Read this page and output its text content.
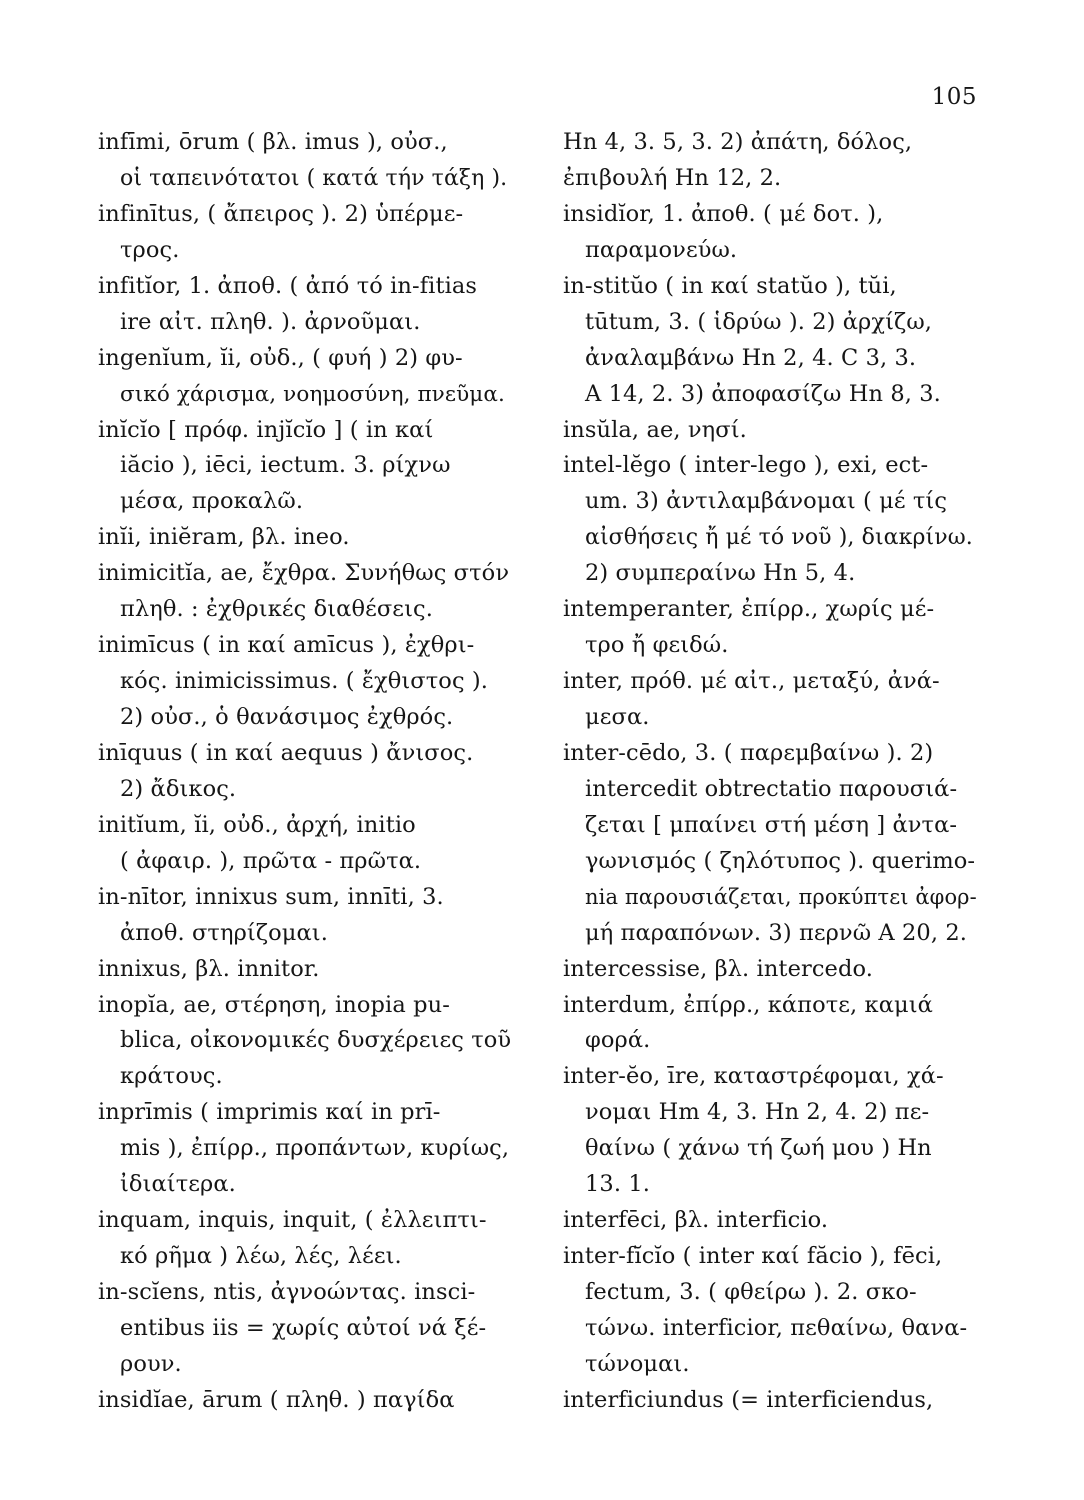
105
infīmi, ōrum ( βλ. imus ), οὐσ.,
οἱ ταπεινότατοι ( κατά τήν τάξη ).
infinītus, ( ἄπειρος ). 2) ὑπέρμε-
τρος.
infitĭor, 1. ἀποθ. ( ἀπό τό in-fitias
ire αἰτ. πληθ. ). ἀρνοῦμαι.
ingenĭum, ĭi, οὐδ., ( φυή ) 2) φυ-
σικό χάρισμα, νοημοσύνη, πνεῦμα.
inĭcĭo [ πρόφ. injĭcĭo ] ( in καί
iăcio ), iēci, iectum. 3. ρίχνω
μέσα, προκαλῶ.
inĭi, iniĕram, βλ. ineo.
inimicitĭa, ae, ἔχθρα. Συνήθως στόν
πληθ. : ἐχθρικές διαθέσεις.
inimīcus ( in καί amīcus ), ἐχθρι-
κός. inimicissimus. ( ἔχθιστος ).
2) οὐσ., ὁ θανάσιμος ἐχθρός.
inīquus ( in καί aequus ) ἄνισος.
2) ἄδικος.
initĭum, ĭi, οὐδ., ἀρχή, initio
( ἀφαιρ. ), πρῶτα - πρῶτα.
in-nītor, innixus sum, innīti, 3.
ἀποθ. στηρίζομαι.
innixus, βλ. innitor.
inopĭa, ae, στέρηση, inopia pu-
blica, οἰκονομικές δυσχέρειες τοῦ
κράτους.
inprīmis ( imprimis καί in prī-
mis ), ἐπίρρ., προπάντων, κυρίως,
ἰδιαίτερα.
inquam, inquis, inquit, ( ἐλλειπτι-
κό ρῆμα ) λέω, λές, λέει.
in-scĭens, ntis, ἀγνοώντας. insci-
entibus iis = χωρίς αὐτοί νά ξέ-
ρουν.
insidĭae, ārum ( πληθ. ) παγίδα
Hn 4, 3. 5, 3. 2) ἀπάτη, δόλος,
ἐπιβουλή Hn 12, 2.
insidĭor, 1. ἀποθ. ( μέ δοτ. ),
παραμονεύω.
in-stitŭo ( in καί statŭo ), tŭi,
tūtum, 3. ( ἱδρύω ). 2) ἀρχίζω,
ἀναλαμβάνω Hn 2, 4. C 3, 3.
A 14, 2. 3) ἀποφασίζω Hn 8, 3.
insŭla, ae, νησί.
intel-lĕgo ( inter-lego ), exi, ect-
um. 3) ἀντιλαμβάνομαι ( μέ τίς
αἰσθήσεις ἤ μέ τό νοῦ ), διακρίνω.
2) συμπεραίνω Hn 5, 4.
intemperanter, ἐπίρρ., χωρίς μέ-
τρο ἤ φειδώ.
inter, πρόθ. μέ αἰτ., μεταξύ, ἀνά-
μεσα.
inter-cēdo, 3. ( παρεμβαίνω ). 2)
intercedit obtrectatio παρουσιά-
ζεται [ μπαίνει στή μέση ] ἀντα-
γωνισμός ( ζηλότυπος ). querimo-
nia παρουσιάζεται, προκύπτει ἀφορ-
μή παραπόνων. 3) περνῶ A 20, 2.
intercessise, βλ. intercedo.
interdum, ἐπίρρ., κάποτε, καμιά
φορά.
inter-ĕo, īre, καταστρέφομαι, χά-
νομαι Hm 4, 3. Hn 2, 4. 2) πε-
θαίνω ( χάνω τή ζωή μου ) Hn
13. 1.
interfēci, βλ. interficio.
inter-fĭcĭo ( inter καί făcio ), fēci,
fectum, 3. ( φθείρω ). 2. σκο-
τώνω. interficior, πεθαίνω, θανα-
τώνομαι.
interficiundus (= interficiendus,
